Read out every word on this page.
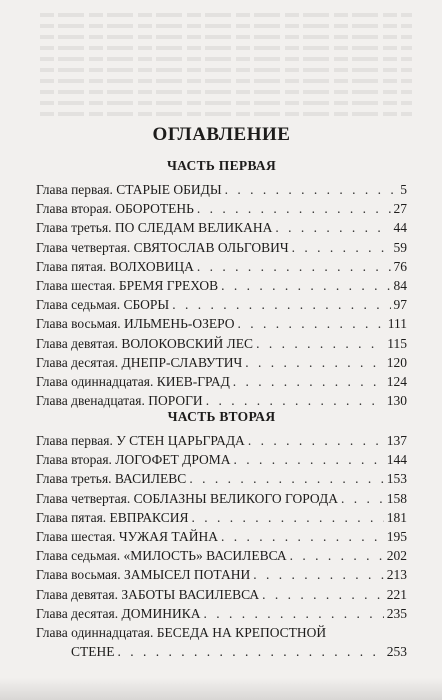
ОГЛАВЛЕНИЕ
ЧАСТЬ ПЕРВАЯ
Глава первая. СТАРЫЕ ОБИДЫ . . .	5
Глава вторая. ОБОРОТЕНЬ . . .	27
Глава третья. ПО СЛЕДАМ ВЕЛИКАНА . . .	44
Глава четвертая. СВЯТОСЛАВ ОЛЬГОВИЧ . . .	59
Глава пятая. ВОЛХОВИЦА . . .	76
Глава шестая. БРЕМЯ ГРЕХОВ . . .	84
Глава седьмая. СБОРЫ . . .	97
Глава восьмая. ИЛЬМЕНЬ-ОЗЕРО . . .	111
Глава девятая. ВОЛОКОВСКИЙ ЛЕС . . .	115
Глава десятая. ДНЕПР-СЛАВУТИЧ . . .	120
Глава одиннадцатая. КИЕВ-ГРАД . . .	124
Глава двенадцатая. ПОРОГИ . . .	130
ЧАСТЬ ВТОРАЯ
Глава первая. У СТЕН ЦАРЬГРАДА . . .	137
Глава вторая. ЛОГОФЕТ ДРОМА . . .	144
Глава третья. ВАСИЛЕВС . . .	153
Глава четвертая. СОБЛАЗНЫ ВЕЛИКОГО ГОРОДА . . .	158
Глава пятая. ЕВПРАКСИЯ . . .	181
Глава шестая. ЧУЖАЯ ТАЙНА . . .	195
Глава седьмая. «МИЛОСТЬ» ВАСИЛЕВСА . . .	202
Глава восьмая. ЗАМЫСЕЛ ПОТАНИ . . .	213
Глава девятая. ЗАБОТЫ ВАСИЛЕВСА . . .	221
Глава десятая. ДОМИНИКА . . .	235
Глава одиннадцатая. БЕСЕДА НА КРЕПОСТНОЙ
СТЕНЕ . . .	253
